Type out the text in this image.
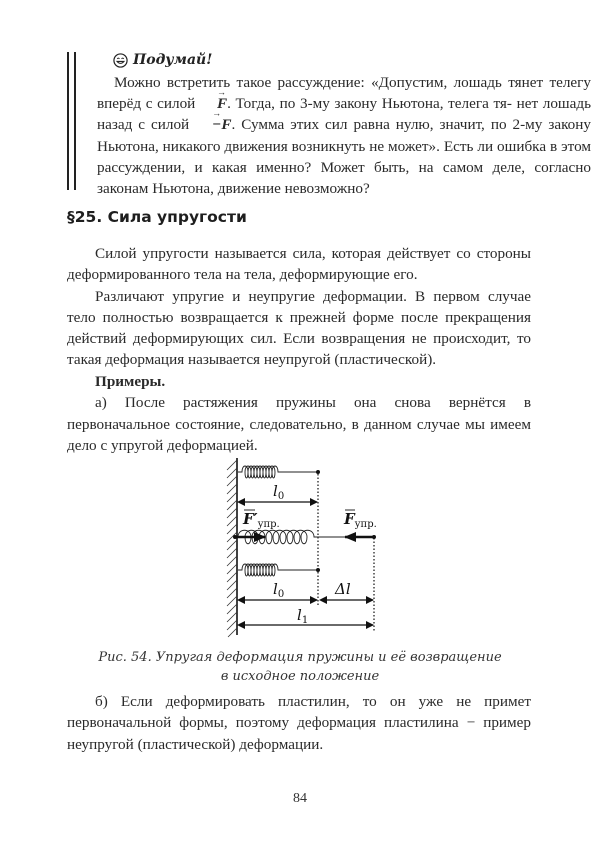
Подумай!

Можно встретить такое рассуждение: «Допустим, лошадь тянет телегу вперёд с силой → F. Тогда, по 3-му закону Ньютона, телега тя- нет лошадь назад с силой → −F. Сумма этих сил равна нулю, значит, по 2-му закону Ньютона, никакого движения возникнуть не может». Есть ли ошибка в этом рассуждении, и какая именно? Может быть, на самом деле, согласно законам Ньютона, движение невозможно?

§25. Сила упругости

Силой упругости называется сила, которая действует со стороны деформированного тела на тела, деформирующие его.

Различают упругие и неупругие деформации. В первом случае тело полностью возвращается к прежней форме после прекращения действий деформирующих сил. Если возвращения не происходит, то такая деформация называется неупругой (пластической).

Примеры.

а) После растяжения пружины она снова вернётся в первоначальное состояние, следовательно, в данном случае мы имеем дело с упругой деформацией.

$l_0$
$F'_{упр.}$	$F_{упр.}$
$l_0$	Δl
$l_1$
Рис. 54. Упругая деформация пружины и её возвращение
в исходное положение

б) Если деформировать пластилин, то он уже не примет первоначальной формы, поэтому деформация пластилина − пример неупругой (пластической) деформации.

84
